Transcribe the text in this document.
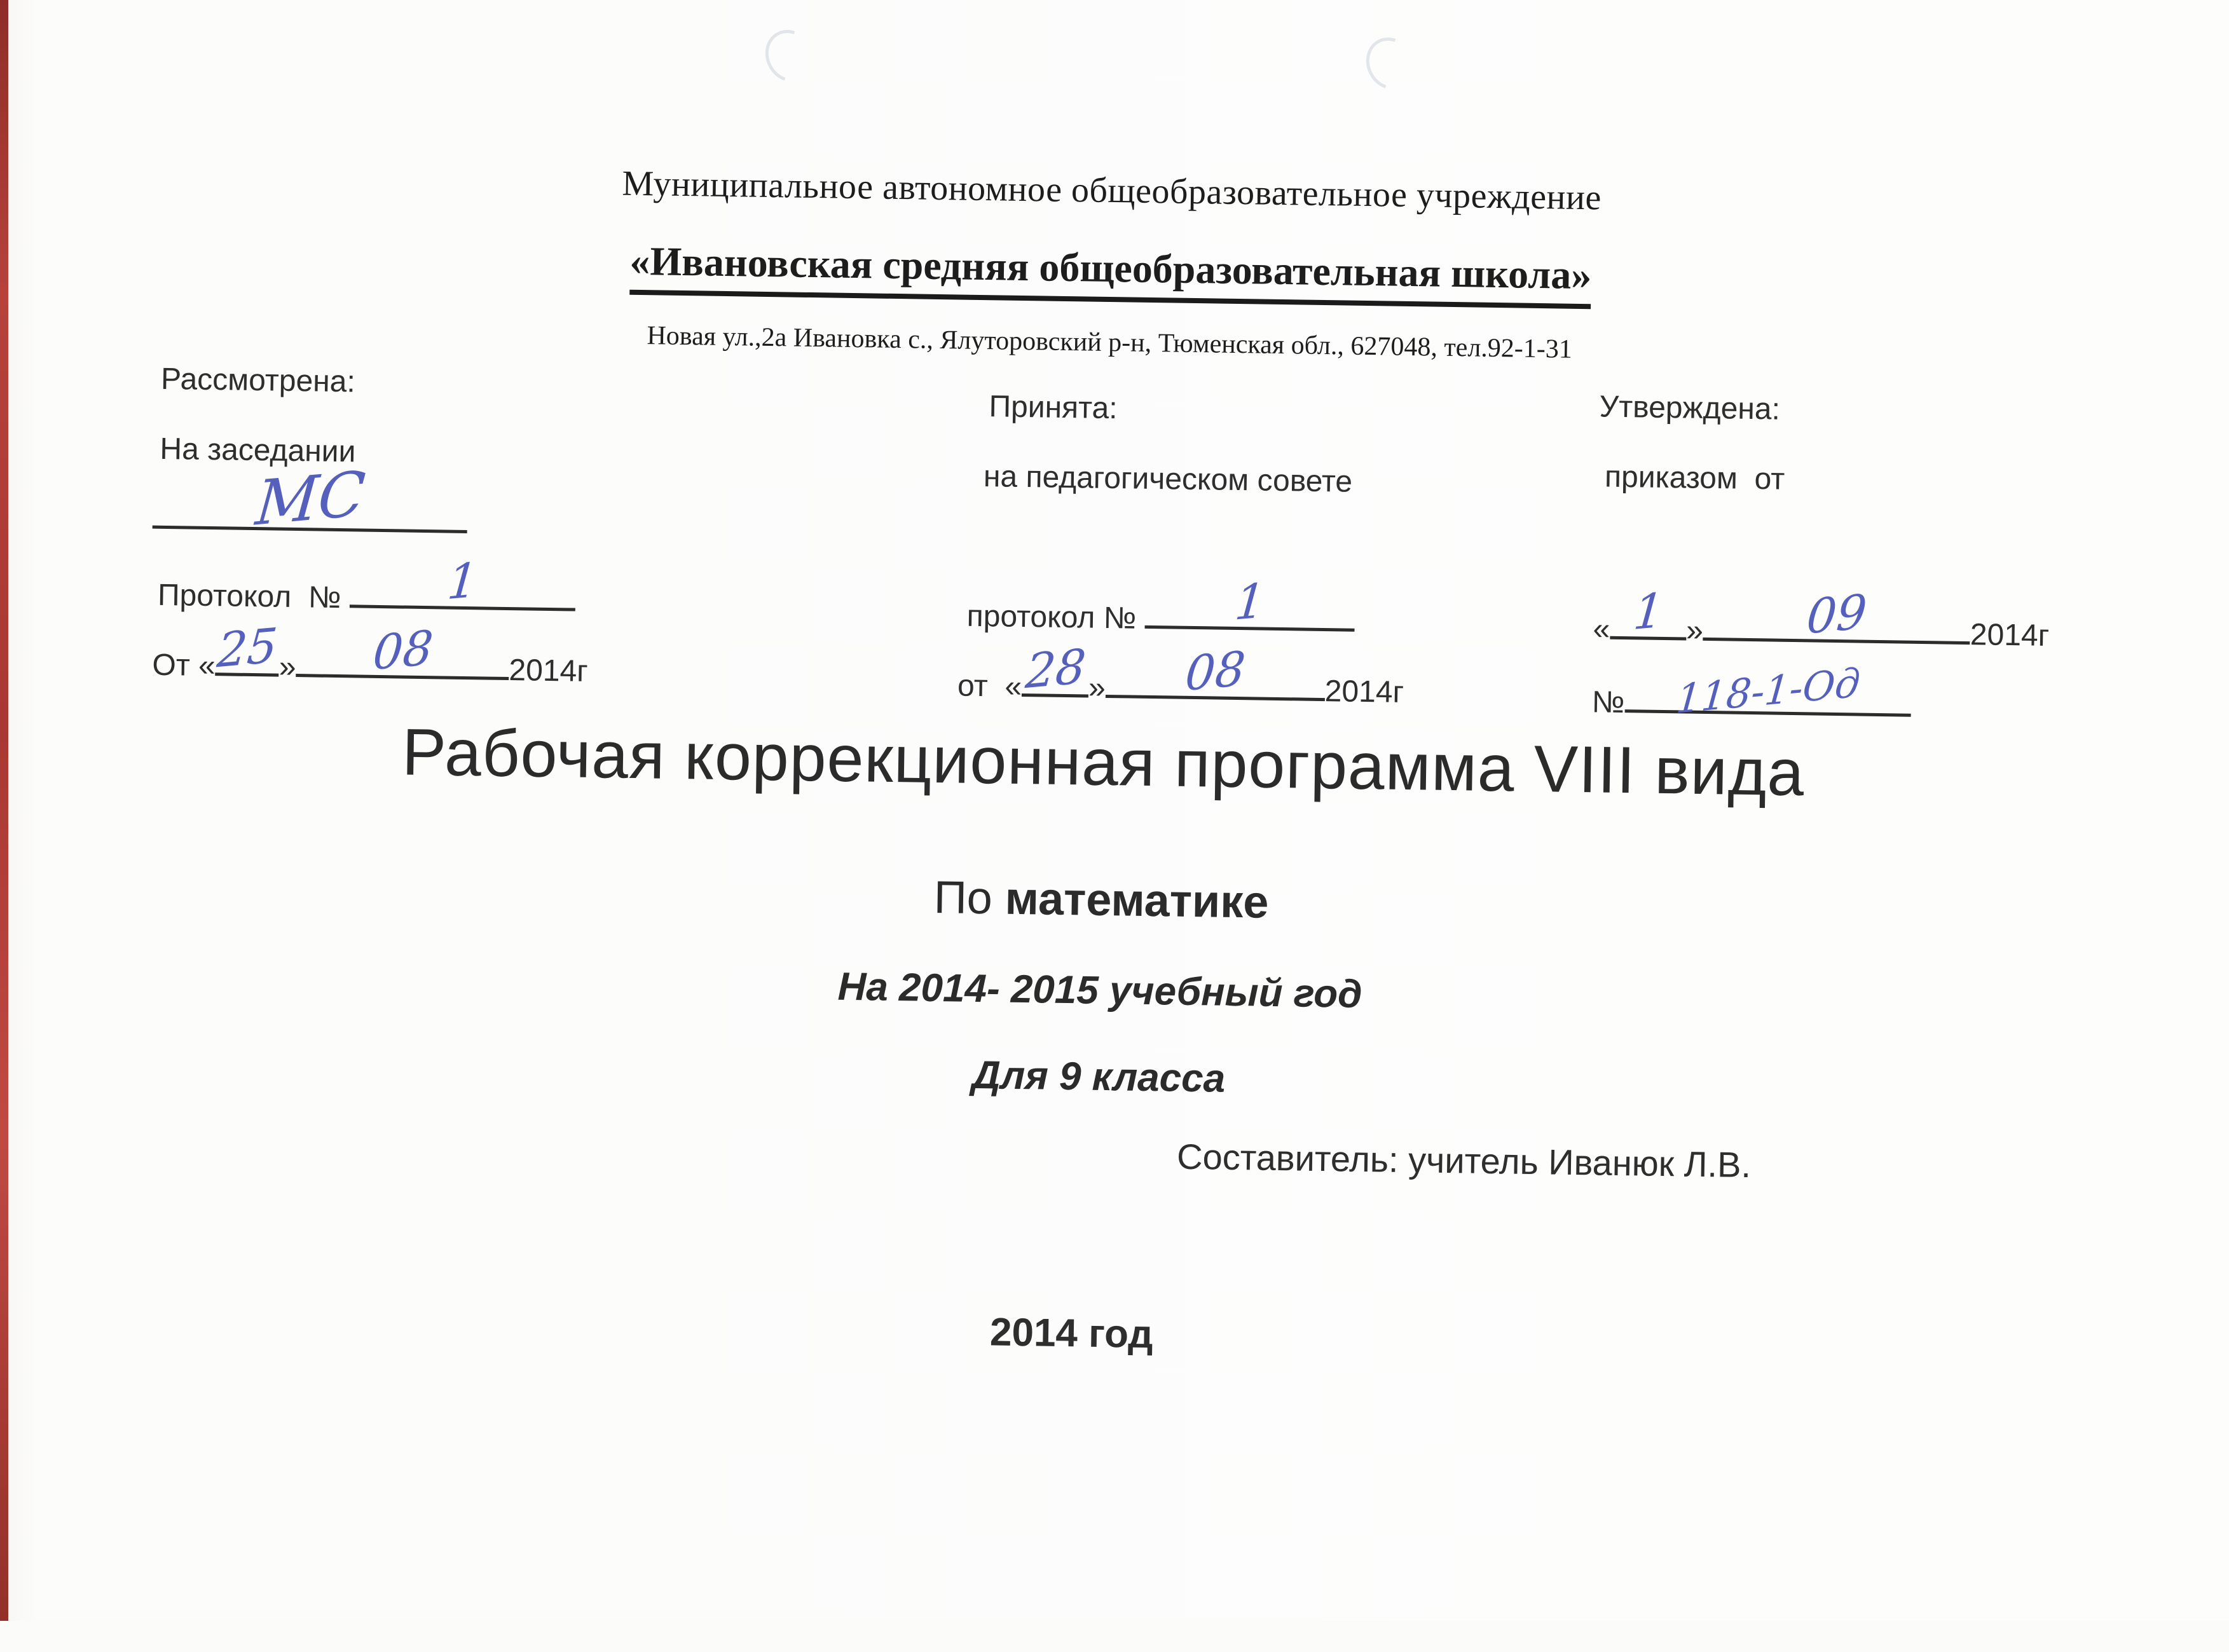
Муниципальное автономное общеобразовательное учреждение
«Ивановская средняя общеобразовательная школа»
Новая ул.,2а Ивановка с., Ялуторовский р-н, Тюменская обл., 627048, тел.92-1-31
Рассмотрена:
На заседании
МС
Протокол  № 1
От « 25
» 08 2014г
Принята:
на педагогическом совете
протокол № 1
от  « 28 » 08	2014г
Утверждена:
приказом  от
« 1 » 09	2014г
№ 118-1-Од
Рабочая коррекционная программа VIII вида
По математике
На 2014- 2015 учебный год
Для 9 класса
Составитель: учитель Иванюк Л.В.
2014 год
